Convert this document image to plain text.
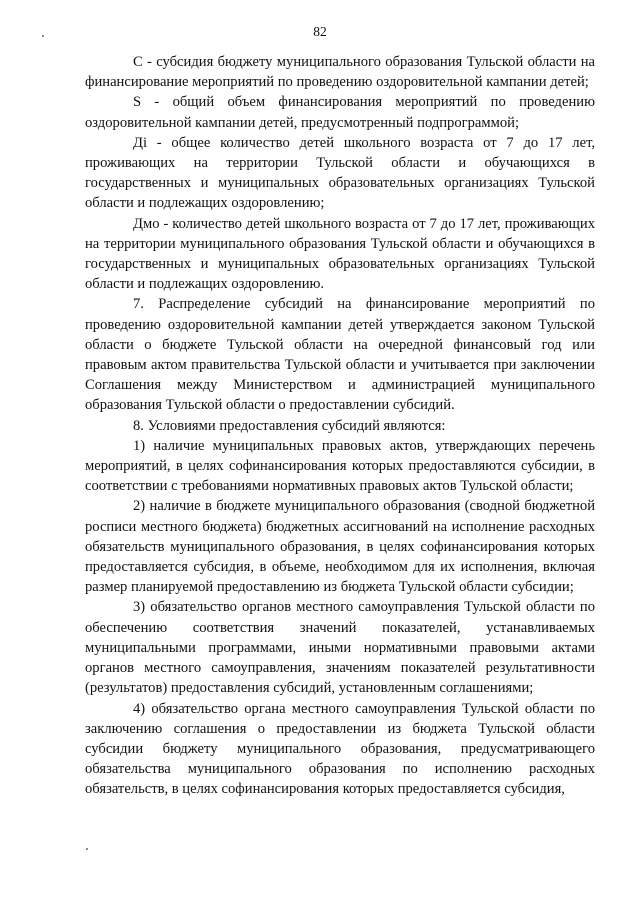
82

С - субсидия бюджету муниципального образования Тульской области на финансирование мероприятий по проведению оздоровительной кампании детей;

S - общий объем финансирования мероприятий по проведению оздоровительной кампании детей, предусмотренный подпрограммой;

Дi - общее количество детей школьного возраста от 7 до 17 лет, проживающих на территории Тульской области и обучающихся в государственных и муниципальных образовательных организациях Тульской области и подлежащих оздоровлению;

Дмо - количество детей школьного возраста от 7 до 17 лет, проживающих на территории муниципального образования Тульской области и обучающихся в государственных и муниципальных образовательных организациях Тульской области и подлежащих оздоровлению.

7. Распределение субсидий на финансирование мероприятий по проведению оздоровительной кампании детей утверждается законом Тульской области о бюджете Тульской области на очередной финансовый год или правовым актом правительства Тульской области и учитывается при заключении Соглашения между Министерством и администрацией муниципального образования Тульской области о предоставлении субсидий.

8. Условиями предоставления субсидий являются:

1) наличие муниципальных правовых актов, утверждающих перечень мероприятий, в целях софинансирования которых предоставляются субсидии, в соответствии с требованиями нормативных правовых актов Тульской области;

2) наличие в бюджете муниципального образования (сводной бюджетной росписи местного бюджета) бюджетных ассигнований на исполнение расходных обязательств муниципального образования, в целях софинансирования которых предоставляется субсидия, в объеме, необходимом для их исполнения, включая размер планируемой предоставлению из бюджета Тульской области субсидии;

3) обязательство органов местного самоуправления Тульской области по обеспечению соответствия значений показателей, устанавливаемых муниципальными программами, иными нормативными правовыми актами органов местного самоуправления, значениям показателей результативности (результатов) предоставления субсидий, установленным соглашениями;

4) обязательство органа местного самоуправления Тульской области по заключению соглашения о предоставлении из бюджета Тульской области субсидии бюджету муниципального образования, предусматривающего обязательства муниципального образования по исполнению расходных обязательств, в целях софинансирования которых предоставляется субсидия,
